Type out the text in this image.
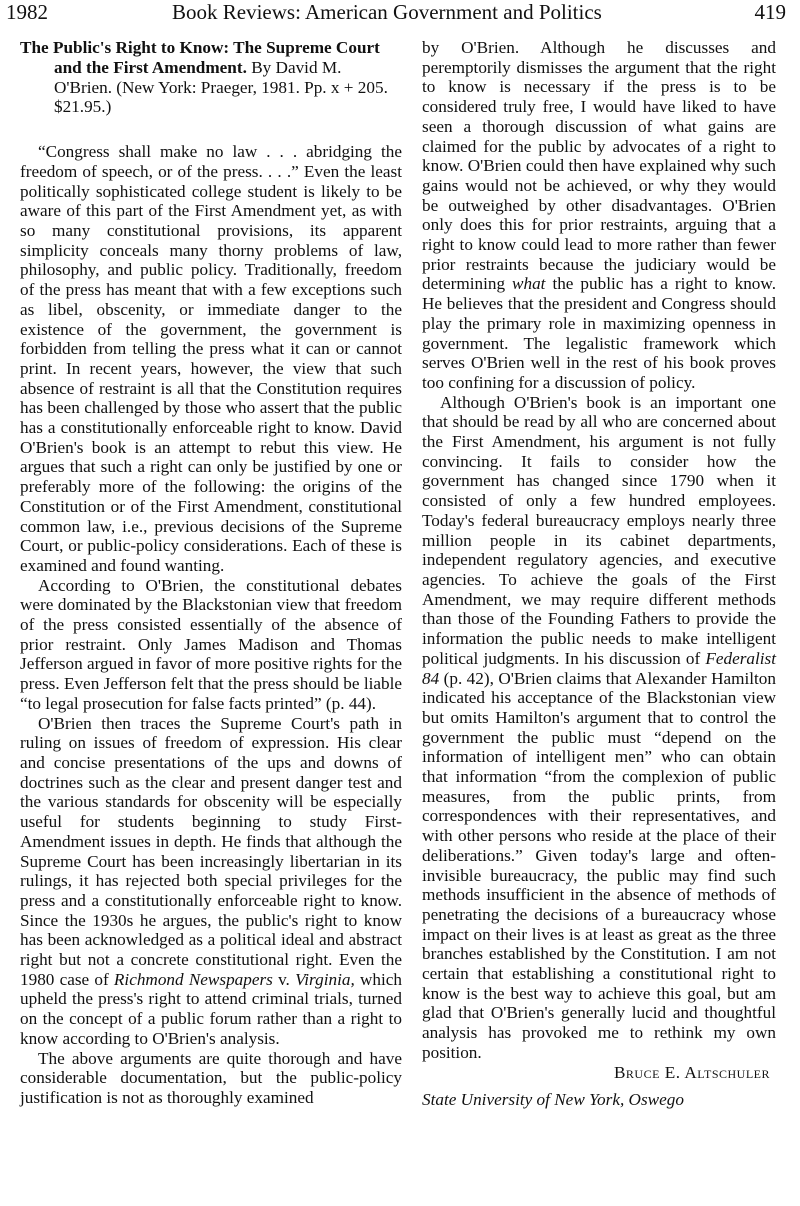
1982	Book Reviews: American Government and Politics	419

The Public's Right to Know: The Supreme Court and the First Amendment. By David M. O'Brien. (New York: Praeger, 1981. Pp. x + 205. $21.95.)

“Congress shall make no law . . . abridging the freedom of speech, or of the press. . . .” Even the least politically sophisticated college student is likely to be aware of this part of the First Amendment yet, as with so many constitutional provisions, its apparent simplicity conceals many thorny problems of law, philosophy, and public policy. Traditionally, freedom of the press has meant that with a few exceptions such as libel, obscenity, or immediate danger to the existence of the government, the government is forbidden from telling the press what it can or cannot print. In recent years, however, the view that such absence of restraint is all that the Constitution requires has been challenged by those who assert that the public has a constitutionally enforceable right to know. David O'Brien's book is an attempt to rebut this view. He argues that such a right can only be justified by one or preferably more of the following: the origins of the Constitution or of the First Amendment, constitutional common law, i.e., previous decisions of the Supreme Court, or public-policy considerations. Each of these is examined and found wanting.

According to O'Brien, the constitutional debates were dominated by the Blackstonian view that freedom of the press consisted essentially of the absence of prior restraint. Only James Madison and Thomas Jefferson argued in favor of more positive rights for the press. Even Jefferson felt that the press should be liable “to legal prosecution for false facts printed” (p. 44).

O'Brien then traces the Supreme Court's path in ruling on issues of freedom of expression. His clear and concise presentations of the ups and downs of doctrines such as the clear and present danger test and the various standards for obscenity will be especially useful for students beginning to study First-Amendment issues in depth. He finds that although the Supreme Court has been increasingly libertarian in its rulings, it has rejected both special privileges for the press and a constitutionally enforceable right to know. Since the 1930s he argues, the public's right to know has been acknowledged as a political ideal and abstract right but not a concrete constitutional right. Even the 1980 case of Richmond Newspapers v. Virginia, which upheld the press's right to attend criminal trials, turned on the concept of a public forum rather than a right to know according to O'Brien's analysis.

The above arguments are quite thorough and have considerable documentation, but the public-policy justification is not as thoroughly examined

by O'Brien. Although he discusses and peremptorily dismisses the argument that the right to know is necessary if the press is to be considered truly free, I would have liked to have seen a thorough discussion of what gains are claimed for the public by advocates of a right to know. O'Brien could then have explained why such gains would not be achieved, or why they would be outweighed by other disadvantages. O'Brien only does this for prior restraints, arguing that a right to know could lead to more rather than fewer prior restraints because the judiciary would be determining what the public has a right to know. He believes that the president and Congress should play the primary role in maximizing openness in government. The legalistic framework which serves O'Brien well in the rest of his book proves too confining for a discussion of policy.

Although O'Brien's book is an important one that should be read by all who are concerned about the First Amendment, his argument is not fully convincing. It fails to consider how the government has changed since 1790 when it consisted of only a few hundred employees. Today's federal bureaucracy employs nearly three million people in its cabinet departments, independent regulatory agencies, and executive agencies. To achieve the goals of the First Amendment, we may require different methods than those of the Founding Fathers to provide the information the public needs to make intelligent political judgments. In his discussion of Federalist 84 (p. 42), O'Brien claims that Alexander Hamilton indicated his acceptance of the Blackstonian view but omits Hamilton's argument that to control the government the public must “depend on the information of intelligent men” who can obtain that information “from the complexion of public measures, from the public prints, from correspondences with their representatives, and with other persons who reside at the place of their deliberations.” Given today's large and often-invisible bureaucracy, the public may find such methods insufficient in the absence of methods of penetrating the decisions of a bureaucracy whose impact on their lives is at least as great as the three branches established by the Constitution. I am not certain that establishing a constitutional right to know is the best way to achieve this goal, but am glad that O'Brien's generally lucid and thoughtful analysis has provoked me to rethink my own position.

Bruce E. Altschuler

State University of New York, Oswego
